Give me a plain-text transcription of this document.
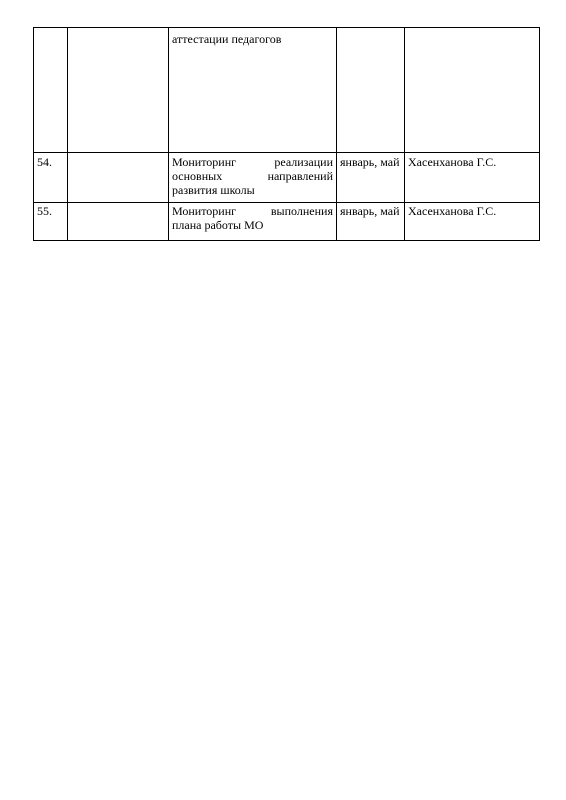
		аттестации педагогов		
54.		Мониторинг реализации основных направлений развития школы	январь, май	Хасенханова Г.С.
55.		Мониторинг выполнения плана работы МО	январь, май	Хасенханова Г.С.
